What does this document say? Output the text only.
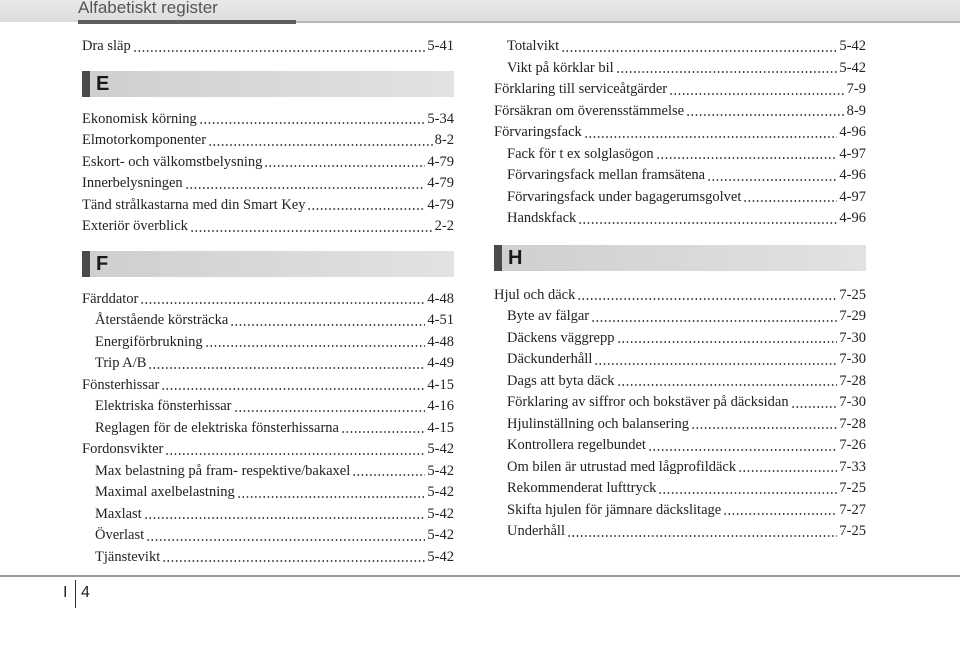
Alfabetiskt register
Dra släp	5-41
E
Ekonomisk körning	5-34
Elmotorkomponenter	8-2
Eskort- och välkomstbelysning	4-79
Innerbelysningen	4-79
Tänd strålkastarna med din Smart Key	4-79
Exteriör överblick	2-2
F
Färddator	4-48
Återstående körsträcka	4-51
Energiförbrukning	4-48
Trip A/B	4-49
Fönsterhissar	4-15
Elektriska fönsterhissar	4-16
Reglagen för de elektriska fönsterhissarna	4-15
Fordonsvikter	5-42
Max belastning på fram- respektive/bakaxel	5-42
Maximal axelbelastning	5-42
Maxlast	5-42
Överlast	5-42
Tjänstevikt	5-42
Totalvikt	5-42
Vikt på körklar bil	5-42
Förklaring till serviceåtgärder	7-9
Försäkran om överensstämmelse	8-9
Förvaringsfack	4-96
Fack för t ex solglasögon	4-97
Förvaringsfack mellan framsätena	4-96
Förvaringsfack under bagagerumsgolvet	4-97
Handskfack	4-96
H
Hjul och däck	7-25
Byte av fälgar	7-29
Däckens väggrepp	7-30
Däckunderhåll	7-30
Dags att byta däck	7-28
Förklaring av siffror och bokstäver på däcksidan	7-30
Hjulinställning och balansering	7-28
Kontrollera regelbundet	7-26
Om bilen är utrustad med lågprofildäck	7-33
Rekommenderat lufttryck	7-25
Skifta hjulen för jämnare däckslitage	7-27
Underhåll	7-25
I 4
